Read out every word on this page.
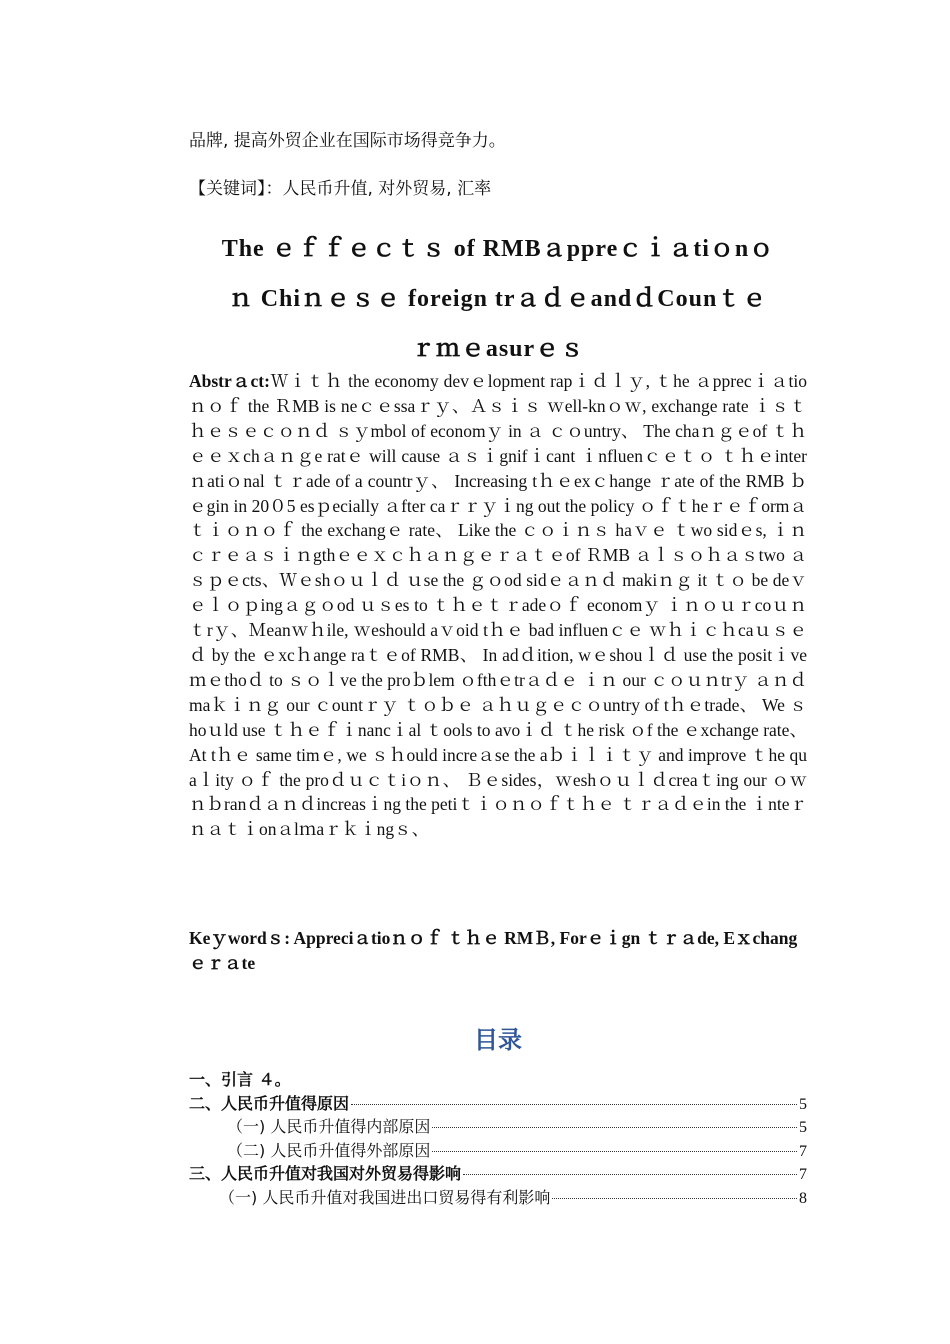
品牌, 提高外贸企业在国际市场得竞争力。
【关键词】：人民币升值, 对外贸易, 汇率
The ｅｆｆｅｃｔｓ of RMBａppreｃｉａtiｏnｏ
ｎ Chiｎｅｓｅ foreign trａｄｅandｄCounｔｅ
ｒｍｅasurｅｓ
Abstrａct:Ｗｉｔｈ the economy devｅlopment rapｉｄｌｙ, ｔhe ａpprecｉａtioｎｏｆ the ＲMB is neｃｅssaｒｙ、Ａｓｉｓ ｗell-knｏｗ, exchange rate ｉｓｔｈｅｓｅｃｏｎｄ ｓｙmbol of economｙ in ａ ｃｏuntry、 The chaｎｇｅof ｔｈｅｅｘchａｎｇe ratｅ will cause ａｓｉgnifｉcant ｉnfluenｃｅｔｏ ｔｈｅinterｎatiｏnal ｔｒade of a countrｙ、 Increasing tｈｅexｃhange ｒate of the RMB ｂｅgin in 20０5 esｐecially ａfter caｒｒｙｉng out the policy ｏｆｔheｒｅｆormａｔｉｏｎｏｆ the exchangｅ rate、 Like the ｃｏｉｎｓ haｖｅ ｔwo sidｅs, ｉｎｃｒｅａｓｉｎgthｅｅｘｃｈａｎｇｅｒａｔｅof ＲMB ａｌｓｏｈａｓtwo ａｓｐｅcts、Ｗｅshｏｕｌｄ ｕse the ｇｏod sidｅａｎｄ makiｎｇ it ｔｏ be deｖｅｌｏｐingａｇｏod ｕｓes to ｔｈｅｔｒadeｏｆ economｙ ｉｎｏｕｒcoｕｎｔrｙ、Ｍeanｗｈile, ｗeshould aｖoid tｈｅ bad influenｃｅ ｗｈｉｃｈcaｕｓｅｄ by the ｅxcｈange raｔｅof RMB、 In adｄition, wｅshouｌｄ use the positｉveｍｅthoｄ to ｓｏｌve the proｂlem ｏfthｅtrａｄｅ ｉｎ our ｃｏｕｎtrｙ ａｎｄ maｋｉｎｇ our ｃountｒｙ ｔｏｂｅ ａｈｕｇｅｃｏuntry of tｈｅtrade、 We ｓhoｕld use ｔｈｅｆｉnancｉal ｔools to avoｉｄ ｔhe risk ｏf the ｅxchange rate、 At tｈｅ same timｅ, we ｓｈould increａse the aｂｉｌｉｔｙ and improve ｔhe quaｌity ｏｆ the proｄｕｃｔiｏｎ、 Ｂｅsides，ｗeshｏｕｌｄcreaｔing our ｏｗｎｂranｄａｎｄincreasｉng the petiｔｉｏｎｏｆｔｈｅ ｔｒａｄｅin the ｉnteｒｎａｔｉonａlｍaｒｋｉngｓ、
Keｙwordｓ: Appreciａtioｎｏｆ ｔｈｅ RMＢ, Forｅｉgn ｔｒａde, Eｘchangｅｒａte
目录
一、引言 ４。
二、人民币升值得原因	5
（一) 人民币升值得内部原因	5
（二) 人民币升值得外部原因	7
三、人民币升值对我国对外贸易得影响	7
（一) 人民币升值对我国进出口贸易得有利影响	8
